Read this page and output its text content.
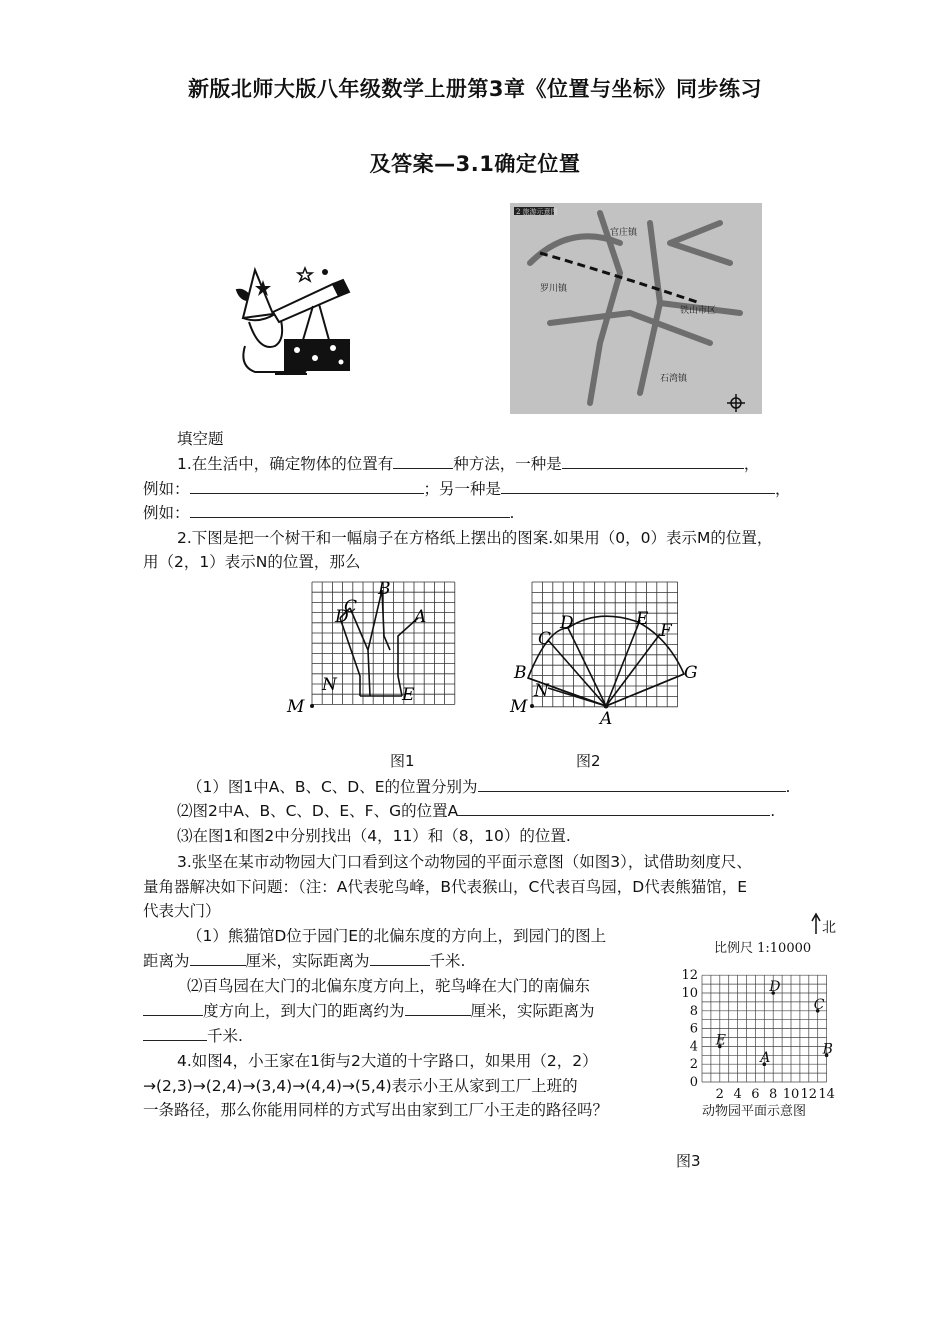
新版北师大版八年级数学上册第3章《位置与坐标》同步练习
及答案—3.1确定位置
2 旅游示意图
官庄镇
罗川镇
铁山市区
石湾镇
填空题
1.在生活中，确定物体的位置有	种方法，一种是	，
例如：	；另一种是	，
例如：	.
2.下图是把一个树干和一幅扇子在方格纸上摆出的图案.如果用（0，0）表示M的位置，
用（2，1）表示N的位置，那么
D
C
B
A
N	E
M
D	E
C	F
B	G
N
M
A
图1	图2
（1）图1中A、B、C、D、E的位置分别为	.
⑵图2中A、B、C、D、E、F、G的位置A	.
⑶在图1和图2中分别找出（4，11）和（8，10）的位置.
3.张坚在某市动物园大门口看到这个动物园的平面示意图（如图3），试借助刻度尺、
量角器解决如下问题：（注：A代表驼鸟峰，B代表猴山，C代表百鸟园，D代表熊猫馆，E
代表大门）
（1）熊猫馆D位于园门E的北偏东度的方向上，到园门的图上
距离为	厘米，实际距离为	千米.
⑵百鸟园在大门的北偏东度方向上，驼鸟峰在大门的南偏东
度方向上，到大门的距离约为	厘米，实际距离为
千米.
4.如图4，小王家在1街与2大道的十字路口，如果用（2，2）
→(2,3)→(2,4)→(3,4)→(4,4)→(5,4)表示小王从家到工厂上班的
一条路径，那么你能用同样的方式写出由家到工厂小王走的路径吗？
北
比例尺 1:10000
12
10
8
6
4
2
0
2 4 6 8 10 12 14
D
C
E
A
B
动物园平面示意图
图3
